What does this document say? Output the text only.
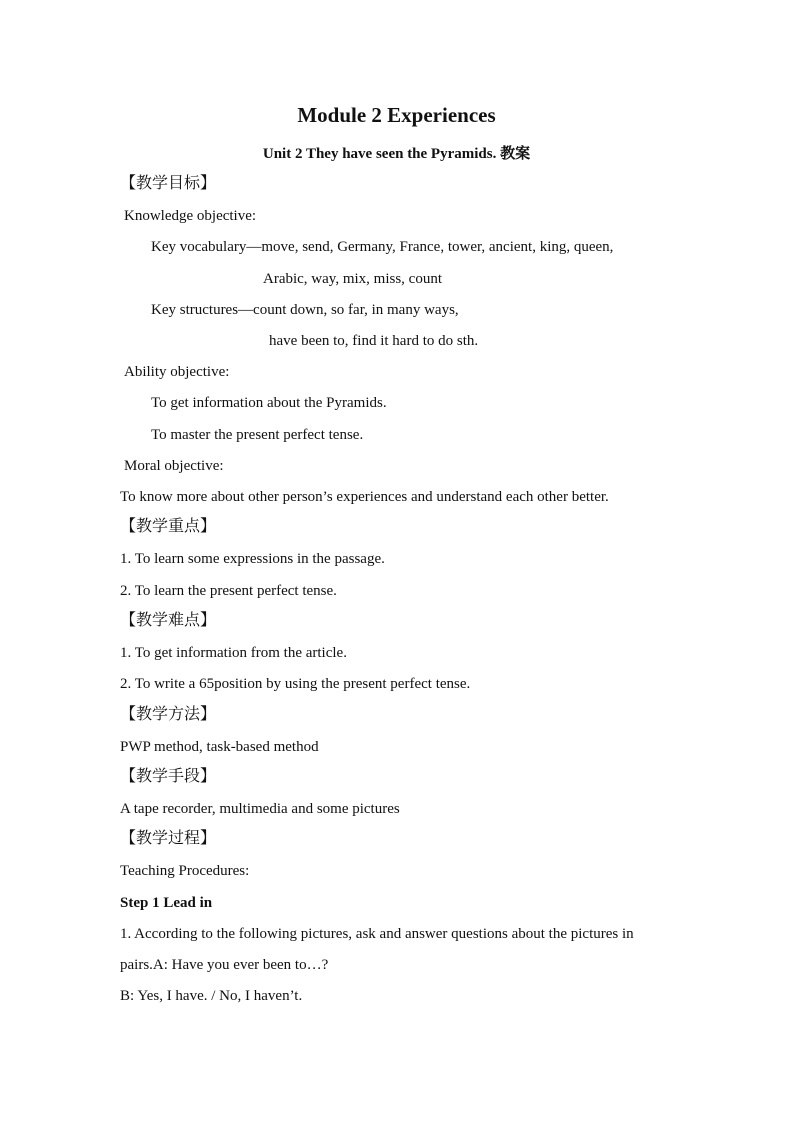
Module 2 Experiences
Unit 2 They have seen the Pyramids. 教案
【教学目标】
Knowledge objective:
Key vocabulary—move, send, Germany, France, tower, ancient, king, queen,
Arabic, way, mix, miss, count
Key structures—count down, so far, in many ways,
have been to, find it hard to do sth.
Ability objective:
To get information about the Pyramids.
To master the present perfect tense.
Moral objective:
To know more about other person’s experiences and understand each other better.
【教学重点】
1. To learn some expressions in the passage.
2. To learn the present perfect tense.
【教学难点】
1. To get information from the article.
2. To write a 65position by using the present perfect tense.
【教学方法】
PWP method, task-based method
【教学手段】
A tape recorder, multimedia and some pictures
【教学过程】
Teaching Procedures:
Step 1 Lead in
1. According to the following pictures, ask and answer questions about the pictures in
pairs.A: Have you ever been to…?
B: Yes, I have. / No, I haven’t.
